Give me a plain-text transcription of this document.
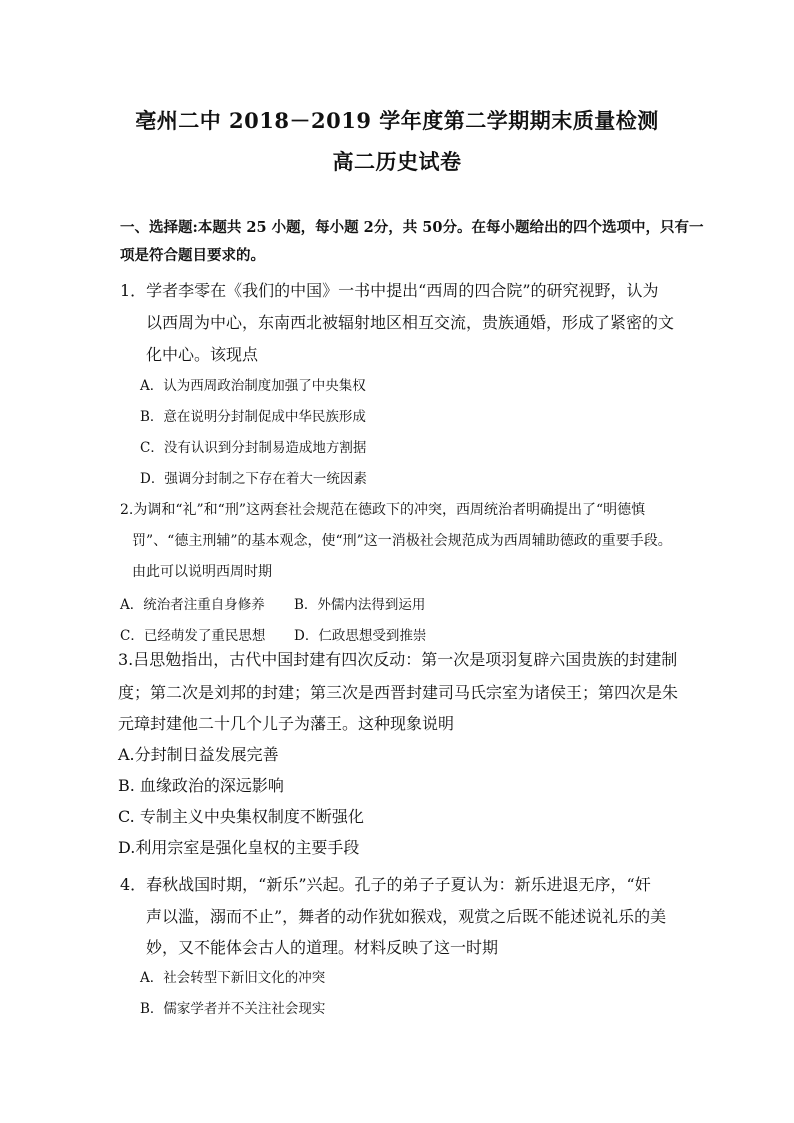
亳州二中 2018－2019 学年度第二学期期末质量检测
高二历史试卷
一、选择题:本题共 25 小题，每小题 2分，共 50分。在每小题给出的四个选项中，只有一
项是符合题目要求的。
1．学者李零在《我们的中国》一书中提出“西周的四合院”的研究视野，认为
以西周为中心，东南西北被辐射地区相互交流，贵族通婚，形成了紧密的文
化中心。该现点
A．认为西周政治制度加强了中央集权
B．意在说明分封制促成中华民族形成
C．没有认识到分封制易造成地方割据
D．强调分封制之下存在着大一统因素
2.为调和“礼”和“刑”这两套社会规范在德政下的冲突，西周统治者明确提出了“明德慎
罚”、“德主刑辅”的基本观念，使“刑”这一消极社会规范成为西周辅助德政的重要手段。
由此可以说明西周时期
A．统治者注重自身修养 B．外儒内法得到运用
C．已经萌发了重民思想 D．仁政思想受到推崇
3.吕思勉指出，古代中国封建有四次反动：第一次是项羽复辟六国贵族的封建制
度；第二次是刘邦的封建；第三次是西晋封建司马氏宗室为诸侯王；第四次是朱
元璋封建他二十几个儿子为藩王。这种现象说明
A.分封制日益发展完善
B. 血缘政治的深远影响
C. 专制主义中央集权制度不断强化
D.利用宗室是强化皇权的主要手段
4．春秋战国时期，“新乐”兴起。孔子的弟子子夏认为：新乐进退无序，“奸
声以滥，溺而不止”，舞者的动作犹如猴戏，观赏之后既不能述说礼乐的美
妙，又不能体会古人的道理。材料反映了这一时期
A．社会转型下新旧文化的冲突
B．儒家学者并不关注社会现实
